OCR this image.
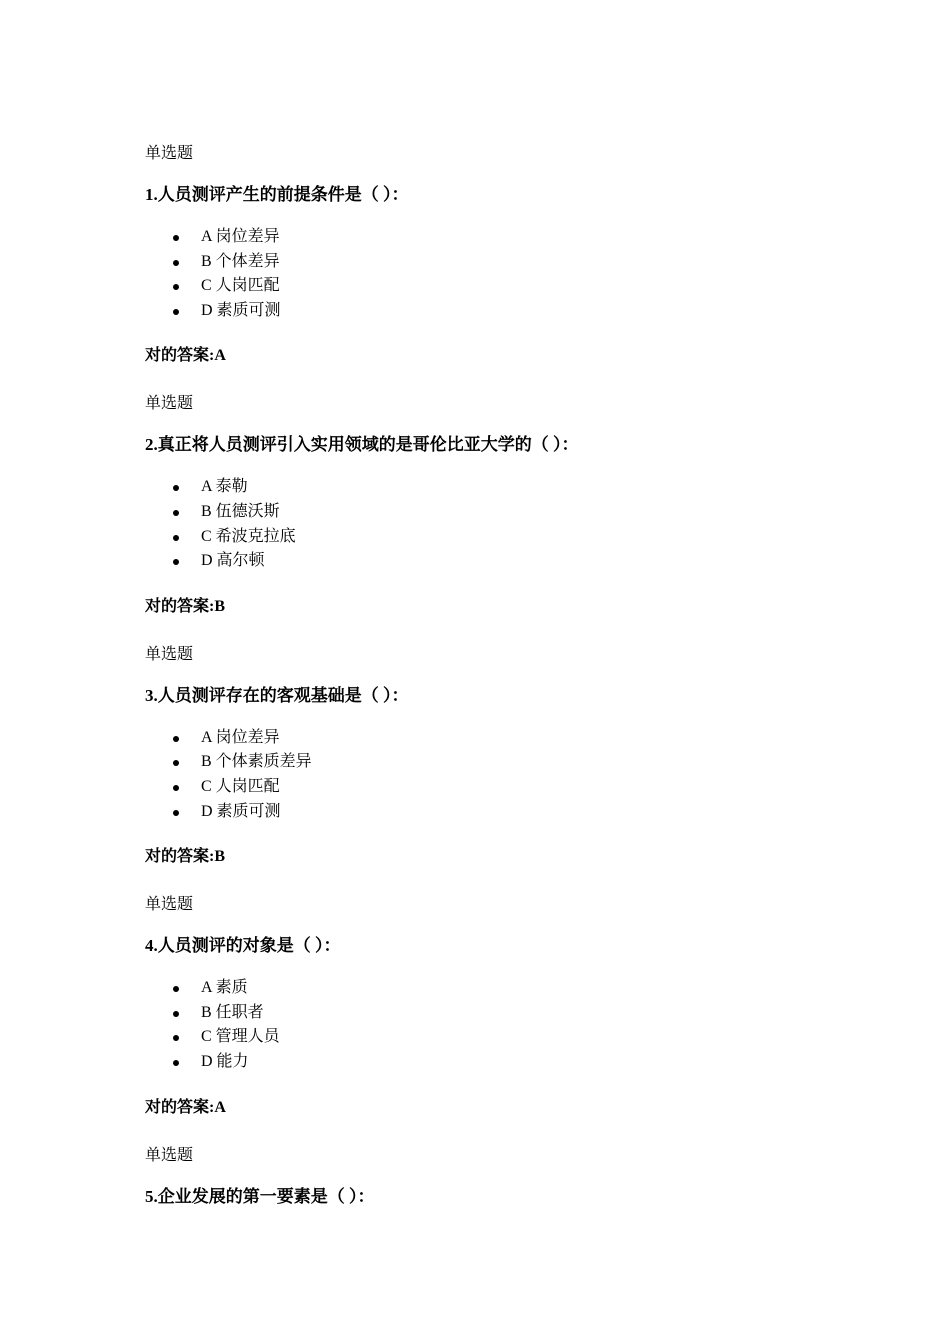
单选题

1.人员测评产生的前提条件是（ ）：

A 岗位差异
B 个体差异
C 人岗匹配
D 素质可测

对的答案:A

单选题

2.真正将人员测评引入实用领域的是哥伦比亚大学的（ ）：

A 泰勒
B 伍德沃斯
C 希波克拉底
D 高尔顿

对的答案:B

单选题

3.人员测评存在的客观基础是（ ）：

A 岗位差异
B 个体素质差异
C 人岗匹配
D 素质可测

对的答案:B

单选题

4.人员测评的对象是（ ）：

A 素质
B 任职者
C 管理人员
D 能力

对的答案:A

单选题

5.企业发展的第一要素是（ ）：
